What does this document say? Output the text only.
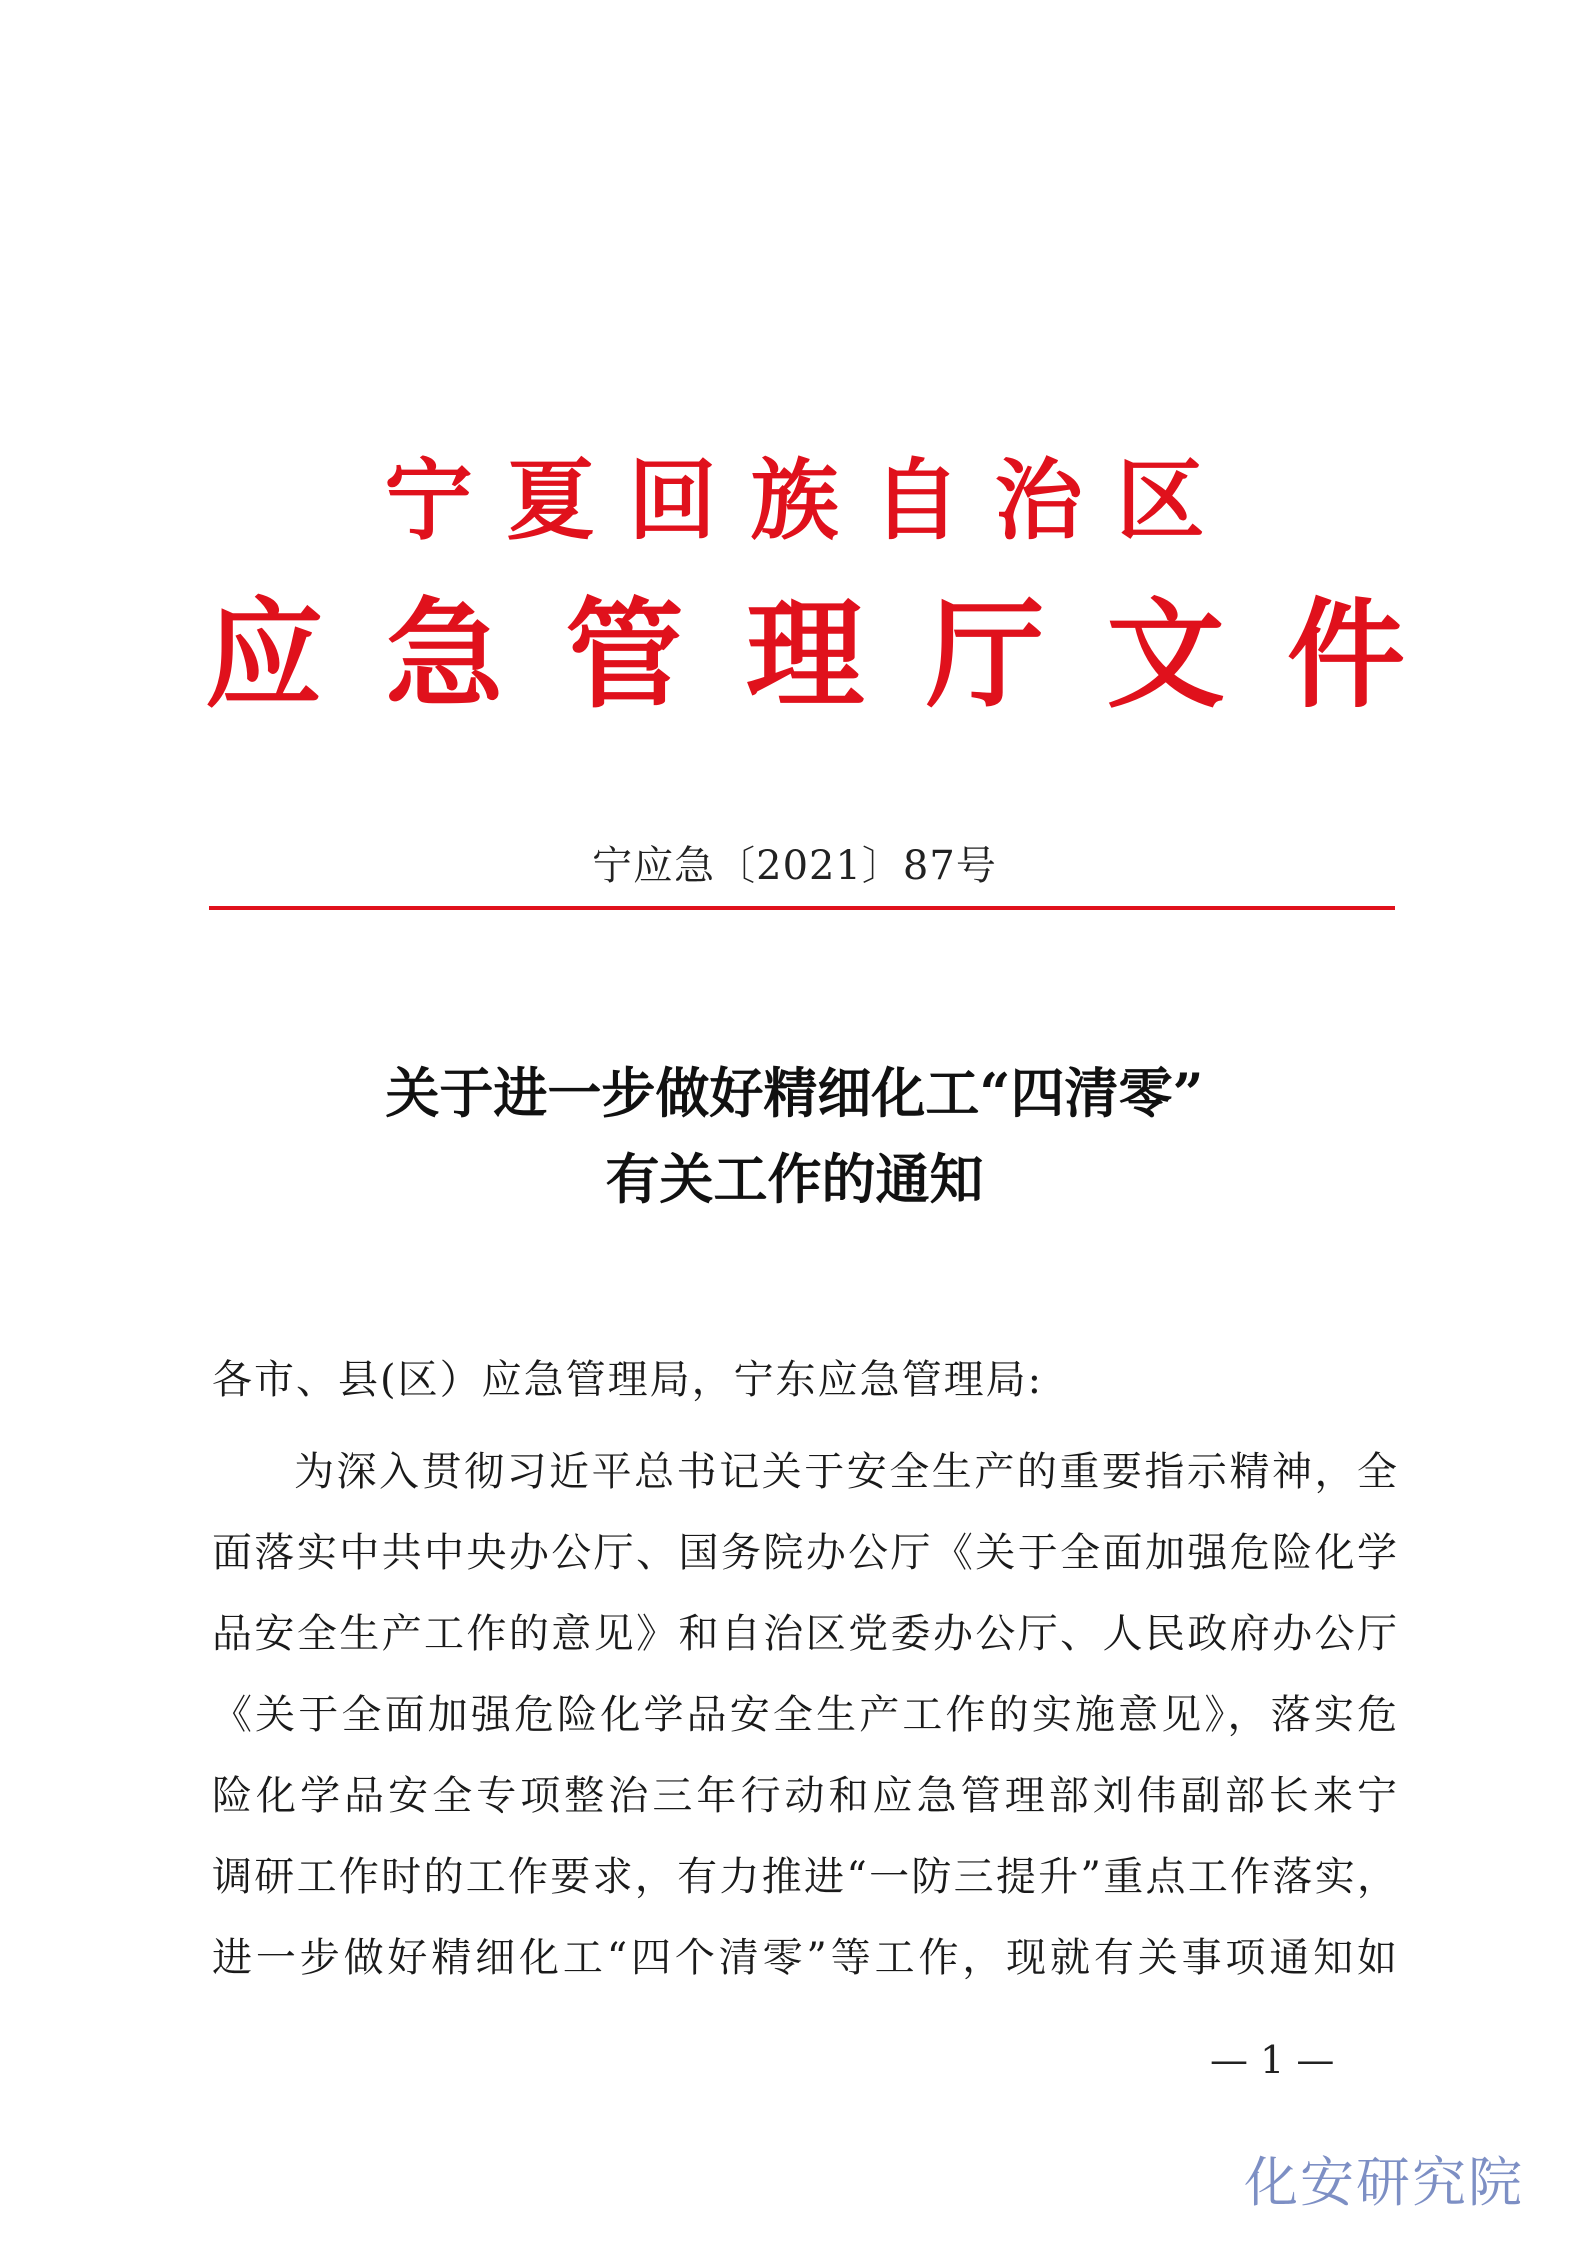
宁夏回族自治区
应 急 管 理 厅 文 件
宁应急〔2021〕87号
关于进一步做好精细化工“四清零”
有关工作的通知
各市、县(区）应急管理局，宁东应急管理局:
为深入贯彻习近平总书记关于安全生产的重要指示精神，全
面落实中共中央办公厅、国务院办公厅《关于全面加强危险化学
品安全生产工作的意见》和自治区党委办公厅、人民政府办公厅
《关于全面加强危险化学品安全生产工作的实施意见》，落实危
险化学品安全专项整治三年行动和应急管理部刘伟副部长来宁
调研工作时的工作要求，有力推进“一防三提升”重点工作落实，
进一步做好精细化工“四个清零”等工作，现就有关事项通知如
— 1 —
化安研究院
